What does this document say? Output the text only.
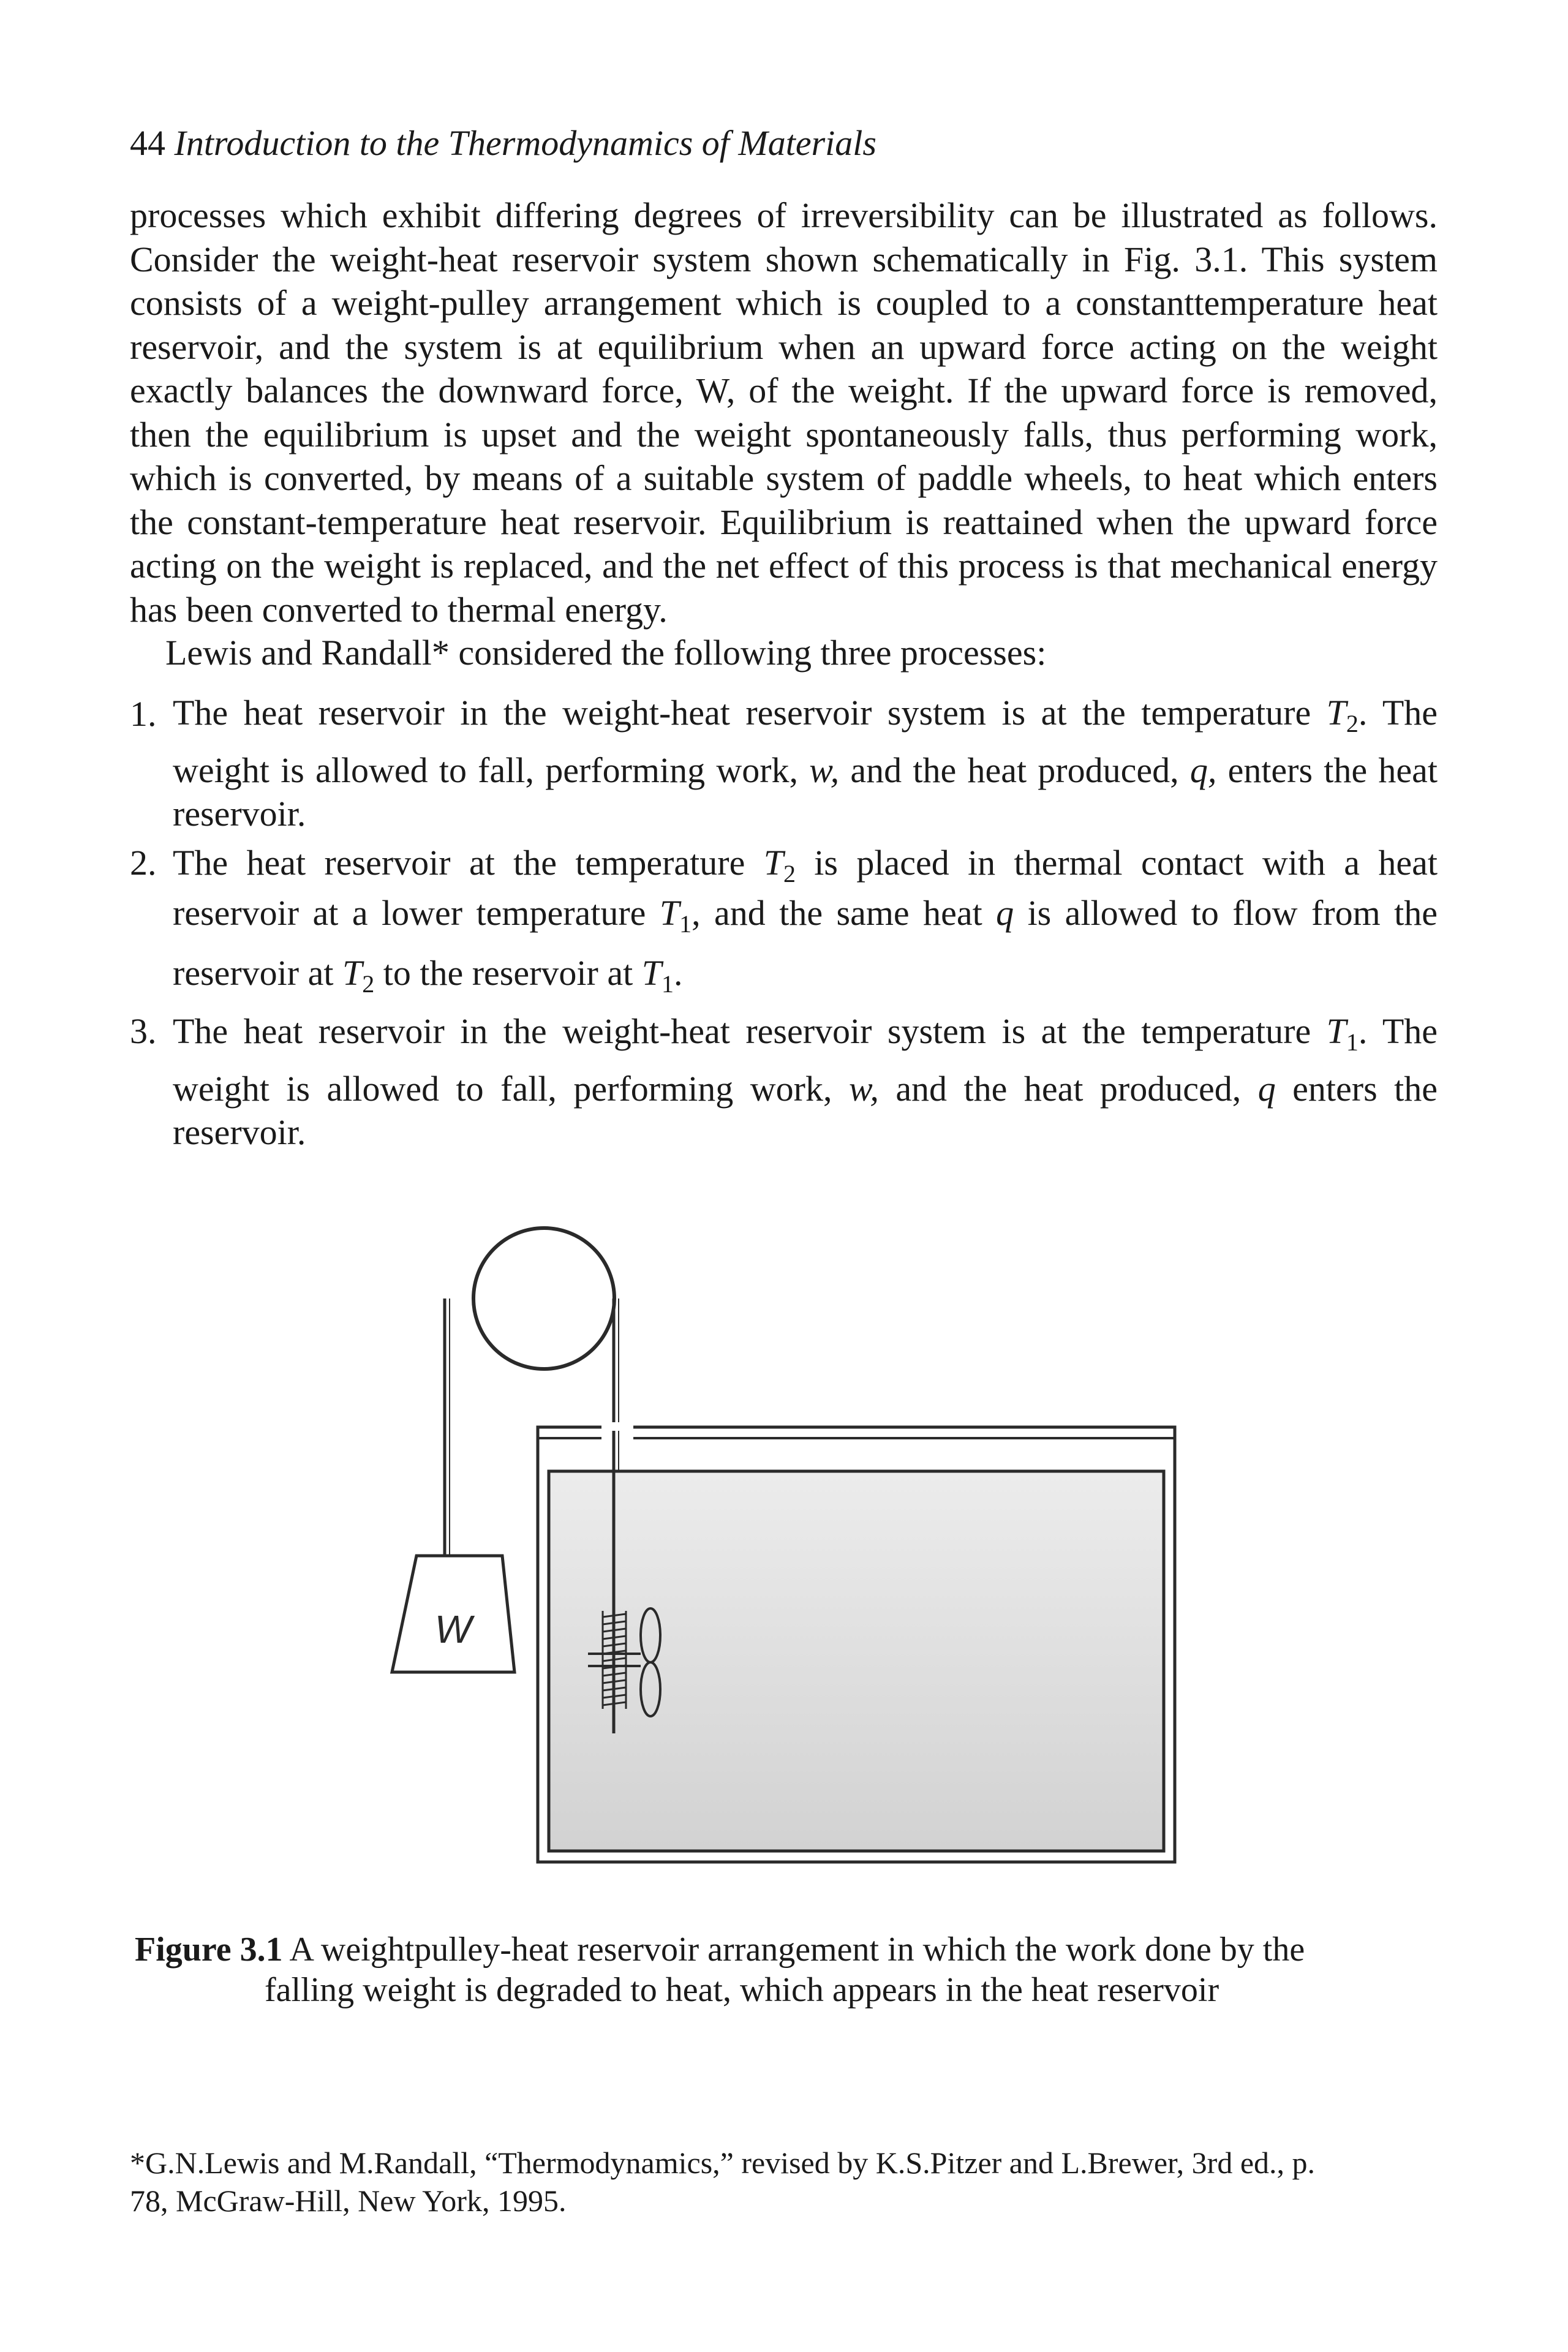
44 Introduction to the Thermodynamics of Materials
processes which exhibit differing degrees of irreversibility can be illustrated as follows. Consider the weight-heat reservoir system shown schematically in Fig. 3.1. This system consists of a weight-pulley arrangement which is coupled to a constanttemperature heat reservoir, and the system is at equilibrium when an upward force acting on the weight exactly balances the downward force, W, of the weight. If the upward force is removed, then the equilibrium is upset and the weight spontaneously falls, thus performing work, which is converted, by means of a suitable system of paddle wheels, to heat which enters the constant-temperature heat reservoir. Equilibrium is reattained when the upward force acting on the weight is replaced, and the net effect of this process is that mechanical energy has been converted to thermal energy.
Lewis and Randall* considered the following three processes:
1. The heat reservoir in the weight-heat reservoir system is at the temperature $T_2$. The
weight is allowed to fall, performing work, w, and the heat produced, q, enters the heat
reservoir.
2. The heat reservoir at the temperature $T_2$ is placed in thermal contact with a heat
reservoir at a lower temperature $T_1$, and the same heat q is allowed to flow from the
reservoir at $T_2$ to the reservoir at $T_1$.
3. The heat reservoir in the weight-heat reservoir system is at the temperature $T_1$. The
weight is allowed to fall, performing work, w, and the heat produced, q enters the
reservoir.
W
Figure 3.1 A weightpulley-heat reservoir arrangement in which the work done by the
falling weight is degraded to heat, which appears in the heat reservoir
*G.N.Lewis and M.Randall, “Thermodynamics,” revised by K.S.Pitzer and L.Brewer, 3rd ed., p.
78, McGraw-Hill, New York, 1995.
